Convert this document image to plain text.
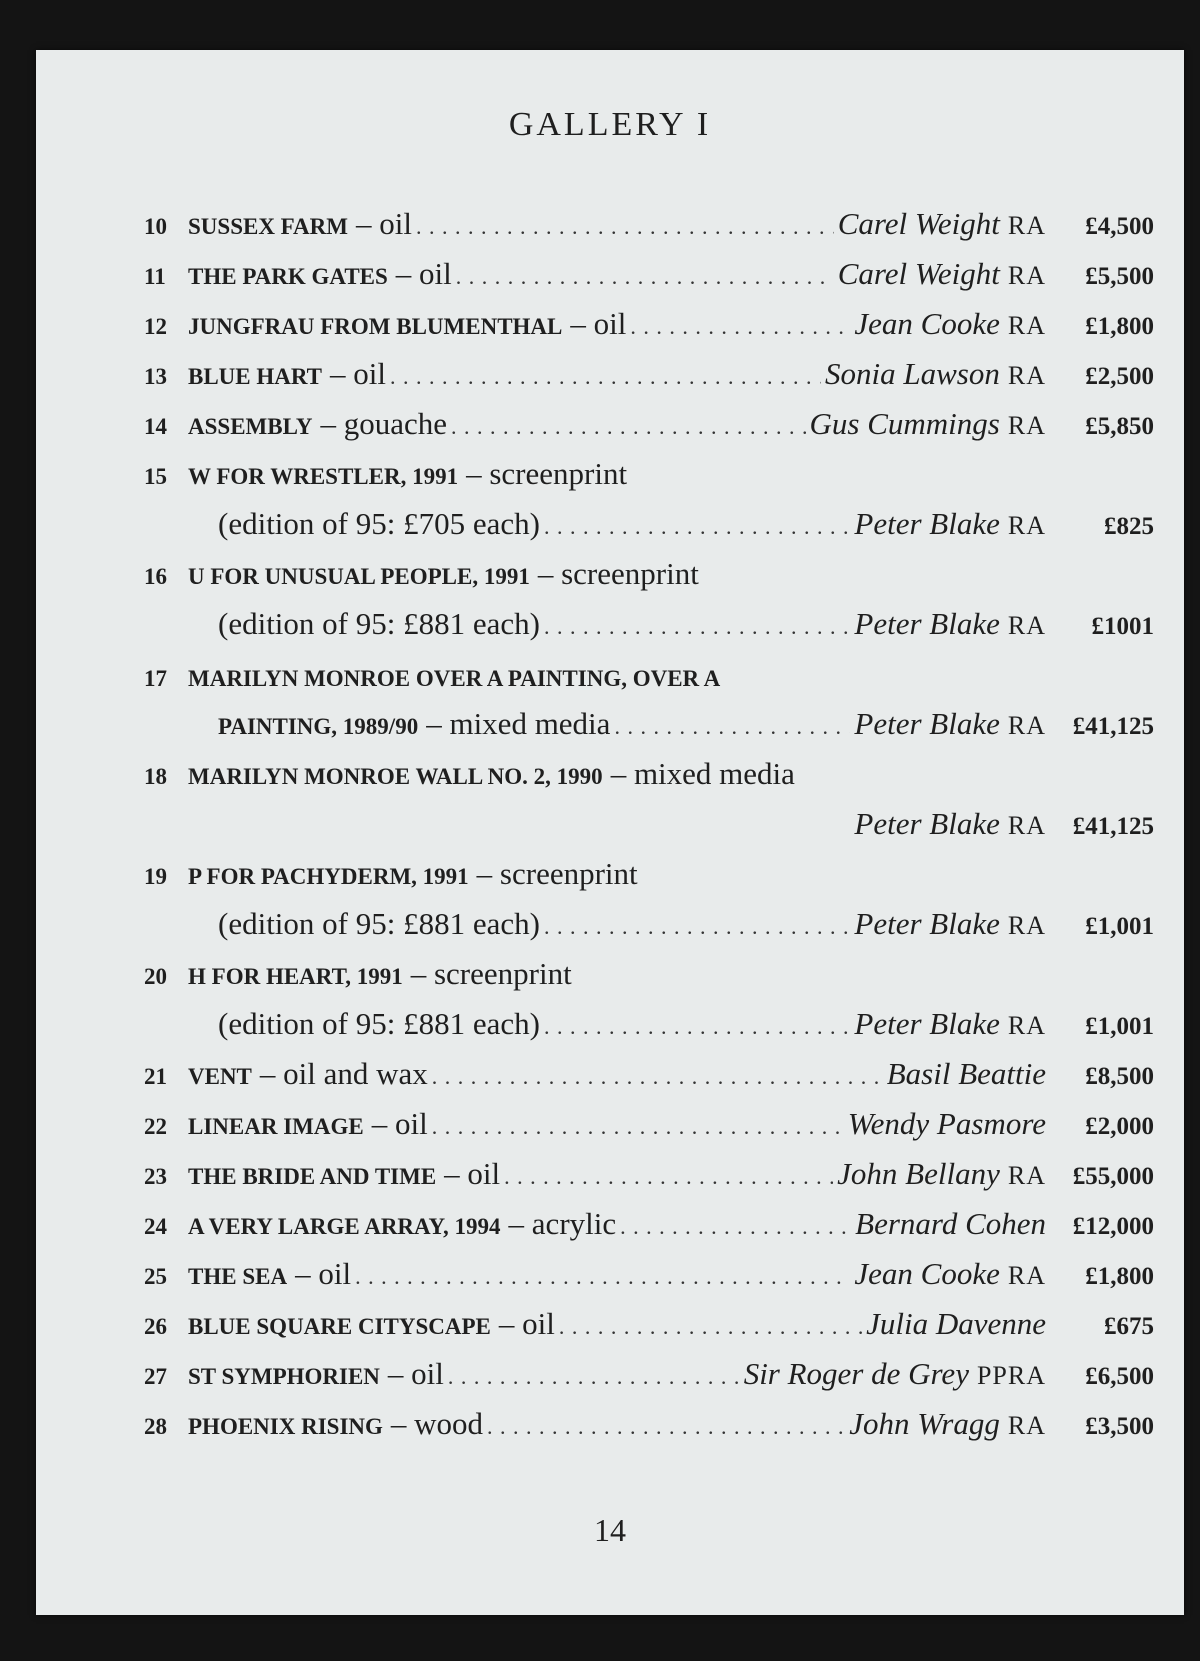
GALLERY I
10 SUSSEX FARM – oil . . .	Carel Weight RA	£4,500
11 THE PARK GATES – oil . . .	Carel Weight RA	£5,500
12 JUNGFRAU FROM BLUMENTHAL – oil . . .	Jean Cooke RA	£1,800
13 BLUE HART – oil . . .	Sonia Lawson RA	£2,500
14 ASSEMBLY – gouache . . .	Gus Cummings RA	£5,850
15 W FOR WRESTLER, 1991 – screenprint
(edition of 95: £705 each) . . .	Peter Blake RA	£825
16 U FOR UNUSUAL PEOPLE, 1991 – screenprint
(edition of 95: £881 each) . . .	Peter Blake RA	£1001
17 MARILYN MONROE OVER A PAINTING, OVER A
PAINTING, 1989/90 – mixed media . . .	Peter Blake RA	£41,125
18 MARILYN MONROE WALL NO. 2, 1990 – mixed media
Peter Blake RA	£41,125
19 P FOR PACHYDERM, 1991 – screenprint
(edition of 95: £881 each) . . .	Peter Blake RA	£1,001
20 H FOR HEART, 1991 – screenprint
(edition of 95: £881 each) . . .	Peter Blake RA	£1,001
21 VENT – oil and wax . . .	Basil Beattie	£8,500
22 LINEAR IMAGE – oil . . .	Wendy Pasmore	£2,000
23 THE BRIDE AND TIME – oil . . .	John Bellany RA	£55,000
24 A VERY LARGE ARRAY, 1994 – acrylic . . .	Bernard Cohen	£12,000
25 THE SEA – oil . . .	Jean Cooke RA	£1,800
26 BLUE SQUARE CITYSCAPE – oil . . .	Julia Davenne	£675
27 ST SYMPHORIEN – oil . . .	Sir Roger de Grey PPRA	£6,500
28 PHOENIX RISING – wood . . .	John Wragg RA	£3,500
14
